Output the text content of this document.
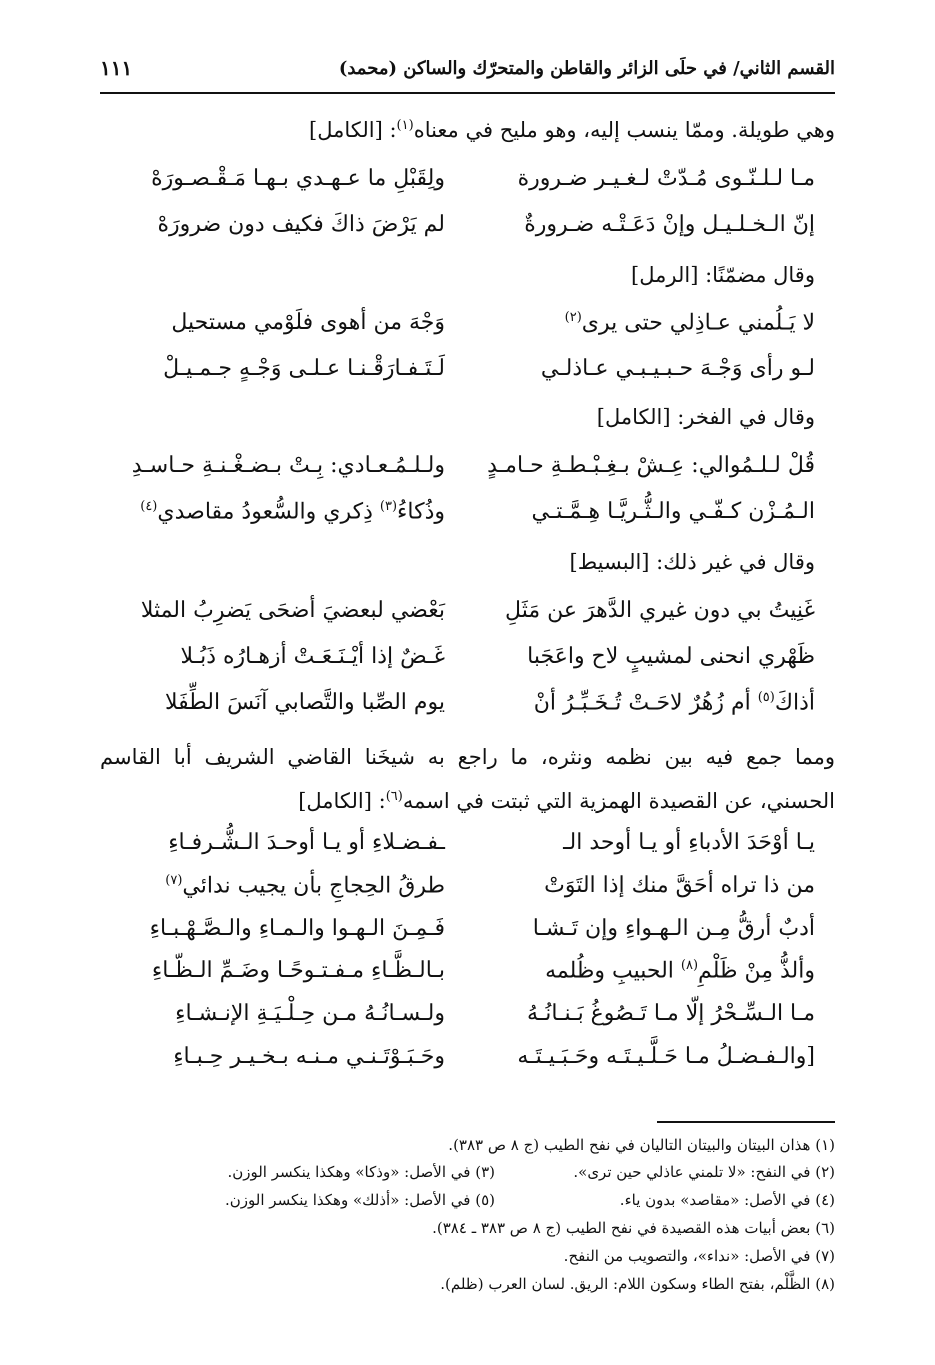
القسم الثاني/ في حلَى الزائر والقاطن والمتحرّك والساكن (محمد)
١١١
وهي طويلة. وممّا ينسب إليه، وهو مليح في معناه$^{(١)}$: [الكامل]
مـا لـلـنّـوى مُـدّتْ لـغـيـر ضـرورة
ولِقَبْلِ ما عـهـدي بـهـا مَـقْـصـورَهْ
إنّ الـخـلـيـل وإنْ دَعَـتْـه ضـرورةٌ
لم يَرْضَ ذاكَ فكيف دون ضرورَهْ
وقال مضمّنًا: [الرمل]
لا يَـلُمني عـاذِلي حتى يرى$^{(٢)}$
وَجْهَ من أهوى فلَوْمي مستحيل
لـو رأى وَجْـهَ حـبـيـبـي عـاذلـي
لَـتَـفـارَقْـنـا عـلـى وَجْـهٍ جـمـيـلْ
وقال في الفخر: [الكامل]
قُلْ لـلـمُوالي: عِـشْ بـغِـبْـطـةِ حـامـدٍ
ولـلـمُـعـادي: بِـتْ بـضـغْـنـةِ حـاسـدِ
الـمُـزْن كـفّـي والـثُّـريَّـا هِـمَّـتـي
وذُكاءُ$^{(٣)}$ ذِكري والسُّعودُ مقاصدي$^{(٤)}$
وقال في غير ذلك: [البسيط]
غَنِيتُ بي دون غيري الدَّهرَ عن مَثَلِ
بَعْضي لبعضيَ أضحَى يَضرِبُ المثلا
ظَهْري انحنى لمشيبٍ لاح واعَجَبا
غَـضٌ إذا أيْـنَـعَـتْ أزهـارُه ذَبُـلا
أذاكَ$^{(٥)}$ أم زُهُرٌ لاحَـتْ تُـخَـبِّـرُ أنْ
يوم الصِّبا والتَّصابي آنَسَ الطِّفَلا
ومما جمع فيه بين نظمه ونثره، ما راجع به شيخَنا القاضي الشريف أبا القاسم الحسني، عن القصيدة الهمزية التي ثبتت في اسمه$^{(٦)}$: [الكامل]
يـا أوْحَدَ الأدباءِ أو يـا أوحد الـ
ـفـضـلاءِ أو يـا أوحـدَ الـشُّـرفـاءِ
من ذا تراه أحَقَّ منك إذا التَوَتْ
طرقُ الحِجاجِ بأن يجيب ندائي$^{(٧)}$
أدبٌ أرقُّ مِـن الـهـواءِ وإن تَـشـا
فَـمِـنَ الـهـوا والـمـاءِ والـصَّـهْـبـاءِ
وألذُّ مِنْ ظَلْمِ$^{(٨)}$ الحبيبِ وظُلمه
بـالـظَّـاءِ مـفـتـوحًـا وضَـمِّ الـظّـاءِ
مـا الـسِّـحْرُ إلّا مـا تَـصُوغُ بَـنـانُـهُ
ولـسـانُـهُ مـن حِـلْـيَـةِ الإنـشـاءِ
[والـفـضـلُ مـا حَـلَّـيـتَـه وحَـبَـيـتَـه
وحَـبَـوْتَـنـي مـنـه بـخـيـر حِـبـاءِ
(١) هذان البيتان والبيتان التاليان في نفح الطيب (ج ٨ ص ٣٨٣).
(٢) في النفح: «لا تلمني عاذلي حين ترى».
(٣) في الأصل: «وذكا» وهكذا ينكسر الوزن.
(٤) في الأصل: «مقاصد» بدون ياء.
(٥) في الأصل: «أذلك» وهكذا ينكسر الوزن.
(٦) بعض أبيات هذه القصيدة في نفح الطيب (ج ٨ ص ٣٨٣ ـ ٣٨٤).
(٧) في الأصل: «نداء»، والتصويب من النفح.
(٨) الظَّلْم، بفتح الطاء وسكون اللام: الريق. لسان العرب (ظلم).
